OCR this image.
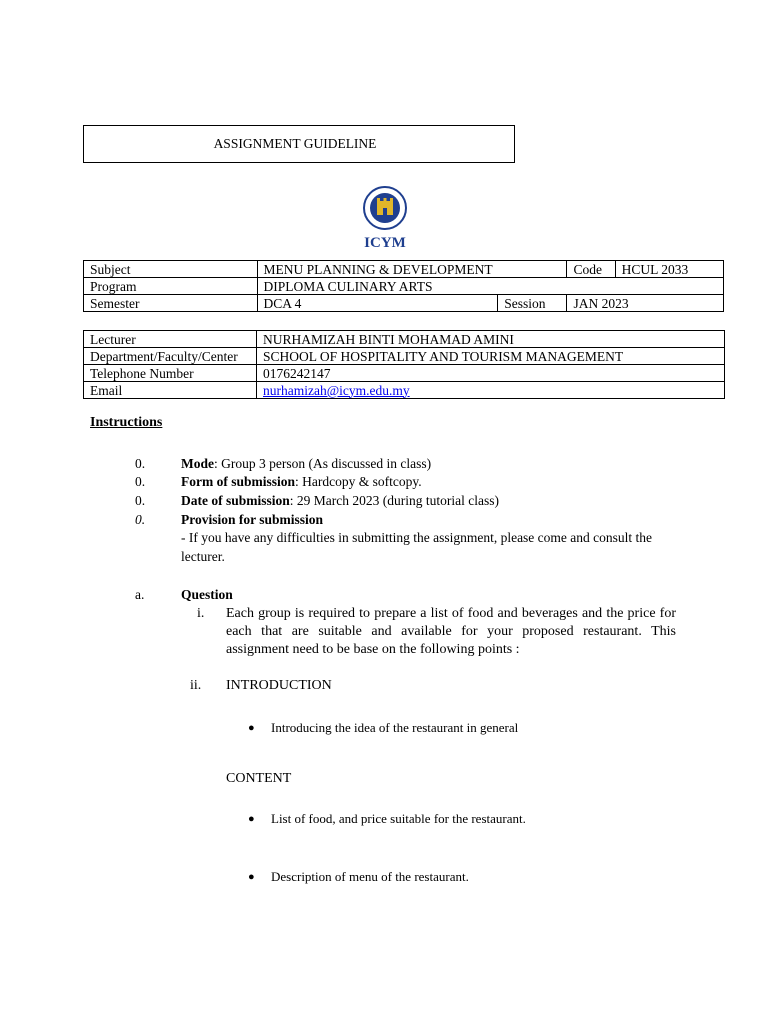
ASSIGNMENT GUIDELINE
ICYM
Subject	MENU PLANNING & DEVELOPMENT		Code	HCUL 2033
Program	DIPLOMA CULINARY ARTS			
Semester	DCA 4	Session	JAN 2023	
Lecturer	NURHAMIZAH BINTI MOHAMAD AMINI
Department/Faculty/Center	SCHOOL OF HOSPITALITY AND TOURISM MANAGEMENT
Telephone Number	0176242147
Email	nurhamizah@icym.edu.my
Instructions
0.	Mode: Group 3 person (As discussed in class)
0.	Form of submission: Hardcopy & softcopy.
0.	Date of submission: 29 March 2023 (during tutorial class)
0.	Provision for submission
- If you have any difficulties in submitting the assignment, please come and consult the
lecturer.
a.	Question
i. Each group is required to prepare a list of food and beverages and the price for each that are suitable and available for your proposed restaurant. This assignment need to be base on the following points :
ii. INTRODUCTION
● Introducing the idea of the restaurant in general
CONTENT
● List of food, and price suitable for the restaurant.
● Description of menu of the restaurant.
